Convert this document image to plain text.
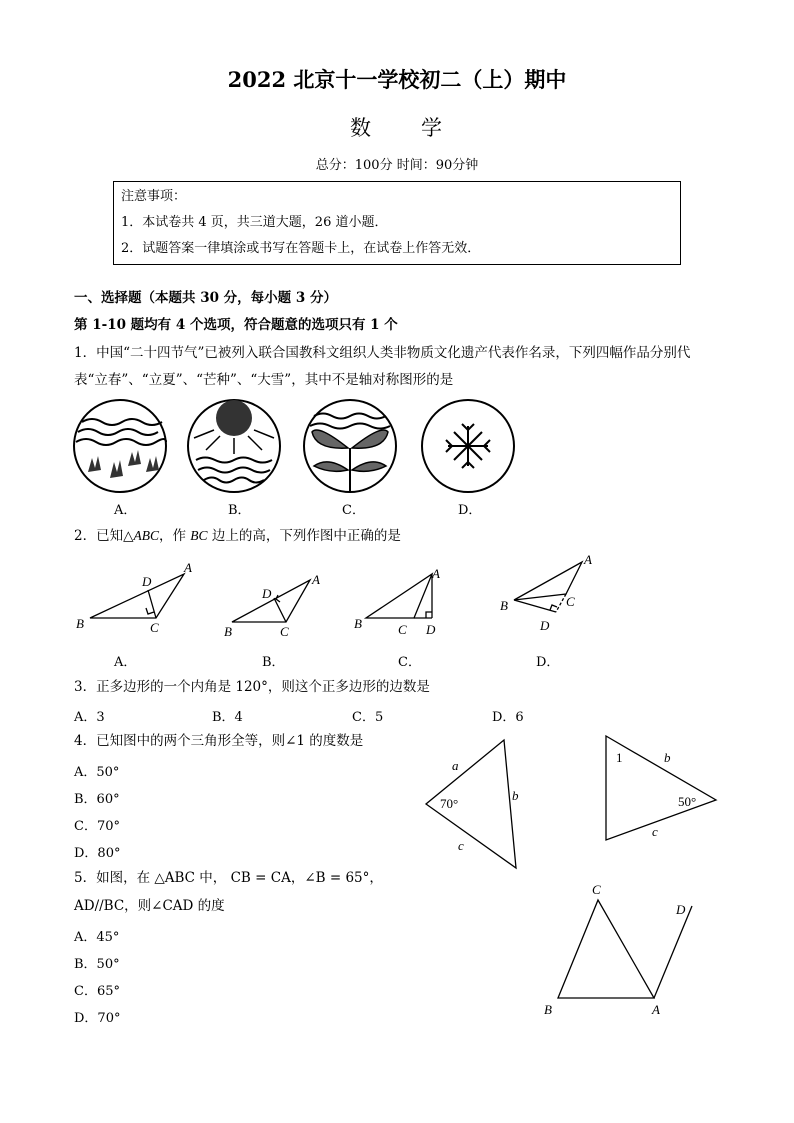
2022 北京十一学校初二（上）期中
数 学
总分：100分 时间：90分钟
注意事项：
1．本试卷共 4 页，共三道大题，26 道小题．
2．试题答案一律填涂或书写在答题卡上，在试卷上作答无效．
一、选择题（本题共 30 分，每小题 3 分）
第 1-10 题均有 4 个选项，符合题意的选项只有 1 个
1．中国“二十四节气”已被列入联合国教科文组织人类非物质文化遗产代表作名录，下列四幅作品分别代
表“立春”、“立夏”、“芒种”、“大雪”，其中不是轴对称图形的是
A．	B．	C．	D．
2．已知△ABC，作 BC 边上的高，下列作图中正确的是
B	C
A
D
B	C
A
D
B	C D
A
B	C
A
D
A．	B．	C．	D．
3．正多边形的一个内角是 120°，则这个正多边形的边数是
A．3	B．4	C．5	D．6
4．已知图中的两个三角形全等，则∠1 的度数是
A．50°
B．60°
C．70°
D．80°
a
b
c
70°
1	b
c
50°
5．如图，在 △ABC 中， CB = CA，∠B = 65°，
AD//BC，则∠CAD 的度
A．45°
B．50°
C．65°
D．70°
B	A
C
D
